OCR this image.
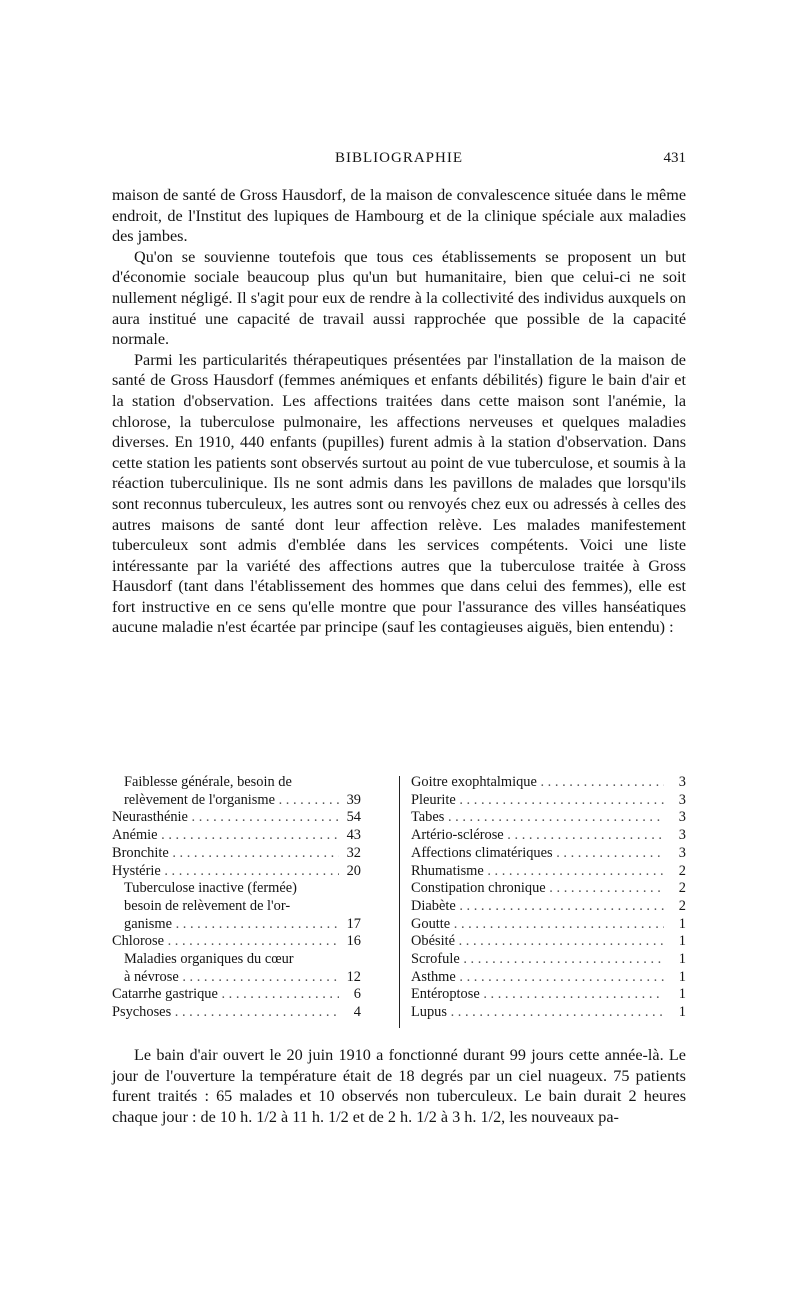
BIBLIOGRAPHIE	431

maison de santé de Gross Hausdorf, de la maison de convalescence située dans le même endroit, de l'Institut des lupiques de Hambourg et de la clinique spéciale aux maladies des jambes.

Qu'on se souvienne toutefois que tous ces établissements se proposent un but d'économie sociale beaucoup plus qu'un but humanitaire, bien que celui-ci ne soit nullement négligé. Il s'agit pour eux de rendre à la collectivité des individus auxquels on aura institué une capacité de travail aussi rapprochée que possible de la capacité normale.

Parmi les particularités thérapeutiques présentées par l'installation de la maison de santé de Gross Hausdorf (femmes anémiques et enfants débilités) figure le bain d'air et la station d'observation. Les affections traitées dans cette maison sont l'anémie, la chlorose, la tuberculose pulmonaire, les affections nerveuses et quelques maladies diverses. En 1910, 440 enfants (pupilles) furent admis à la station d'observation. Dans cette station les patients sont observés surtout au point de vue tuberculose, et soumis à la réaction tuberculinique. Ils ne sont admis dans les pavillons de malades que lorsqu'ils sont reconnus tuberculeux, les autres sont ou renvoyés chez eux ou adressés à celles des autres maisons de santé dont leur affection relève. Les malades manifestement tuberculeux sont admis d'emblée dans les services compétents. Voici une liste intéressante par la variété des affections autres que la tuberculose traitée à Gross Hausdorf (tant dans l'établissement des hommes que dans celui des femmes), elle est fort instructive en ce sens qu'elle montre que pour l'assurance des villes hanséatiques aucune maladie n'est écartée par principe (sauf les contagieuses aiguës, bien entendu) :

Faiblesse générale, besoin de
relèvement de l'organisme . . .	39
Neurasthénie . . .	54
Anémie . . .	43
Bronchite . . .	32
Hystérie . . .	20
Tuberculose inactive (fermée)
besoin de relèvement de l'or-
ganisme . . .	17
Chlorose . . .	16
Maladies organiques du cœur
à névrose . . .	12
Catarrhe gastrique . . .	6
Psychoses . . .	4
Goitre exophtalmique . . .	3
Pleurite . . .	3
Tabes . . .	3
Artério-sclérose . . .	3
Affections climatériques . . .	3
Rhumatisme . . .	2
Constipation chronique . . .	2
Diabète . . .	2
Goutte . . .	1
Obésité . . .	1
Scrofule . . .	1
Asthme . . .	1
Entéroptose . . .	1
Lupus . . .	1

Le bain d'air ouvert le 20 juin 1910 a fonctionné durant 99 jours cette année-là. Le jour de l'ouverture la température était de 18 degrés par un ciel nuageux. 75 patients furent traités : 65 malades et 10 observés non tuberculeux. Le bain durait 2 heures chaque jour : de 10 h. 1/2 à 11 h. 1/2 et de 2 h. 1/2 à 3 h. 1/2, les nouveaux pa-
